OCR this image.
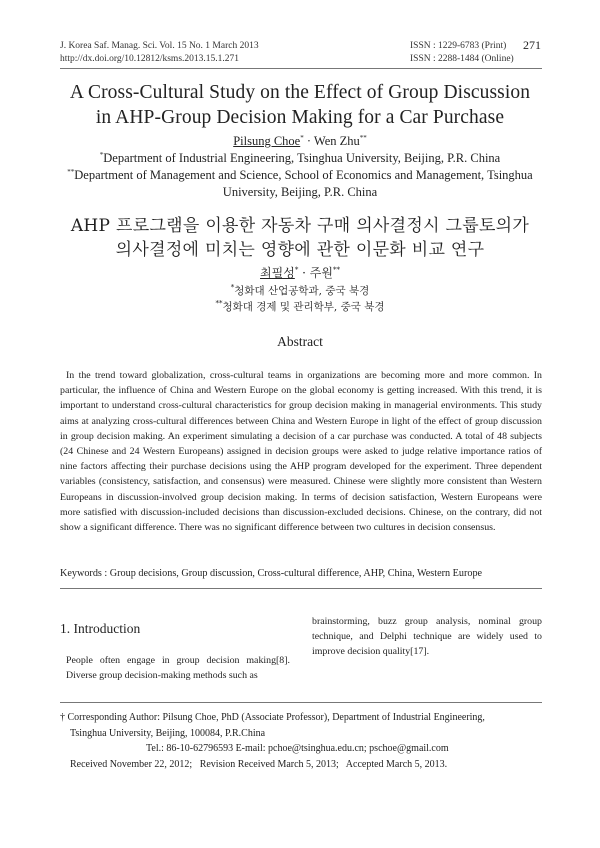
J. Korea Saf. Manag. Sci. Vol. 15 No. 1 March 2013
http://dx.doi.org/10.12812/ksms.2013.15.1.271
ISSN : 1229-6783 (Print)
ISSN : 2288-1484 (Online)
271
A Cross-Cultural Study on the Effect of Group Discussion
in AHP-Group Decision Making for a Car Purchase
Pilsung Choe* · Wen Zhu**
*Department of Industrial Engineering, Tsinghua University, Beijing, P.R. China
**Department of Management and Science, School of Economics and Management, Tsinghua
University, Beijing, P.R. China
AHP 프로그램을 이용한 자동차 구매 의사결정시 그룹토의가
의사결정에 미치는 영향에 관한 이문화 비교 연구
최필성* · 주원**
*청화대 산업공학과, 중국 북경
**청화대 경제 및 관리학부, 중국 북경
Abstract

In the trend toward globalization, cross-cultural teams in organizations are becoming more and more common. In particular, the influence of China and Western Europe on the global economy is getting increased. With this trend, it is important to understand cross-cultural characteristics for group decision making in managerial environments. This study aims at analyzing cross-cultural differences between China and Western Europe in light of the effect of group discussion in group decision making. An experiment simulating a decision of a car purchase was conducted. A total of 48 subjects (24 Chinese and 24 Western Europeans) assigned in decision groups were asked to judge relative importance ratios of nine factors affecting their purchase decisions using the AHP program developed for the experiment. Three dependent variables (consistency, satisfaction, and consensus) were measured. Chinese were slightly more consistent than Western Europeans in discussion-involved group decision making. In terms of decision satisfaction, Western Europeans were more satisfied with discussion-included decisions than discussion-excluded decisions. Chinese, on the contrary, did not show a significant difference. There was no significant difference between two cultures in decision consensus.

Keywords : Group decisions, Group discussion, Cross-cultural difference, AHP, China, Western Europe
1. Introduction

People often engage in group decision making[8]. Diverse group decision-making methods such as

brainstorming, buzz group analysis, nominal group technique, and Delphi technique are widely used to improve decision quality[17].

† Corresponding Author: Pilsung Choe, PhD (Associate Professor), Department of Industrial Engineering,
Tsinghua University, Beijing, 100084, P.R.China
Tel.: 86-10-62796593 E-mail: pchoe@tsinghua.edu.cn; pschoe@gmail.com
Received November 22, 2012; Revision Received March 5, 2013; Accepted March 5, 2013.
